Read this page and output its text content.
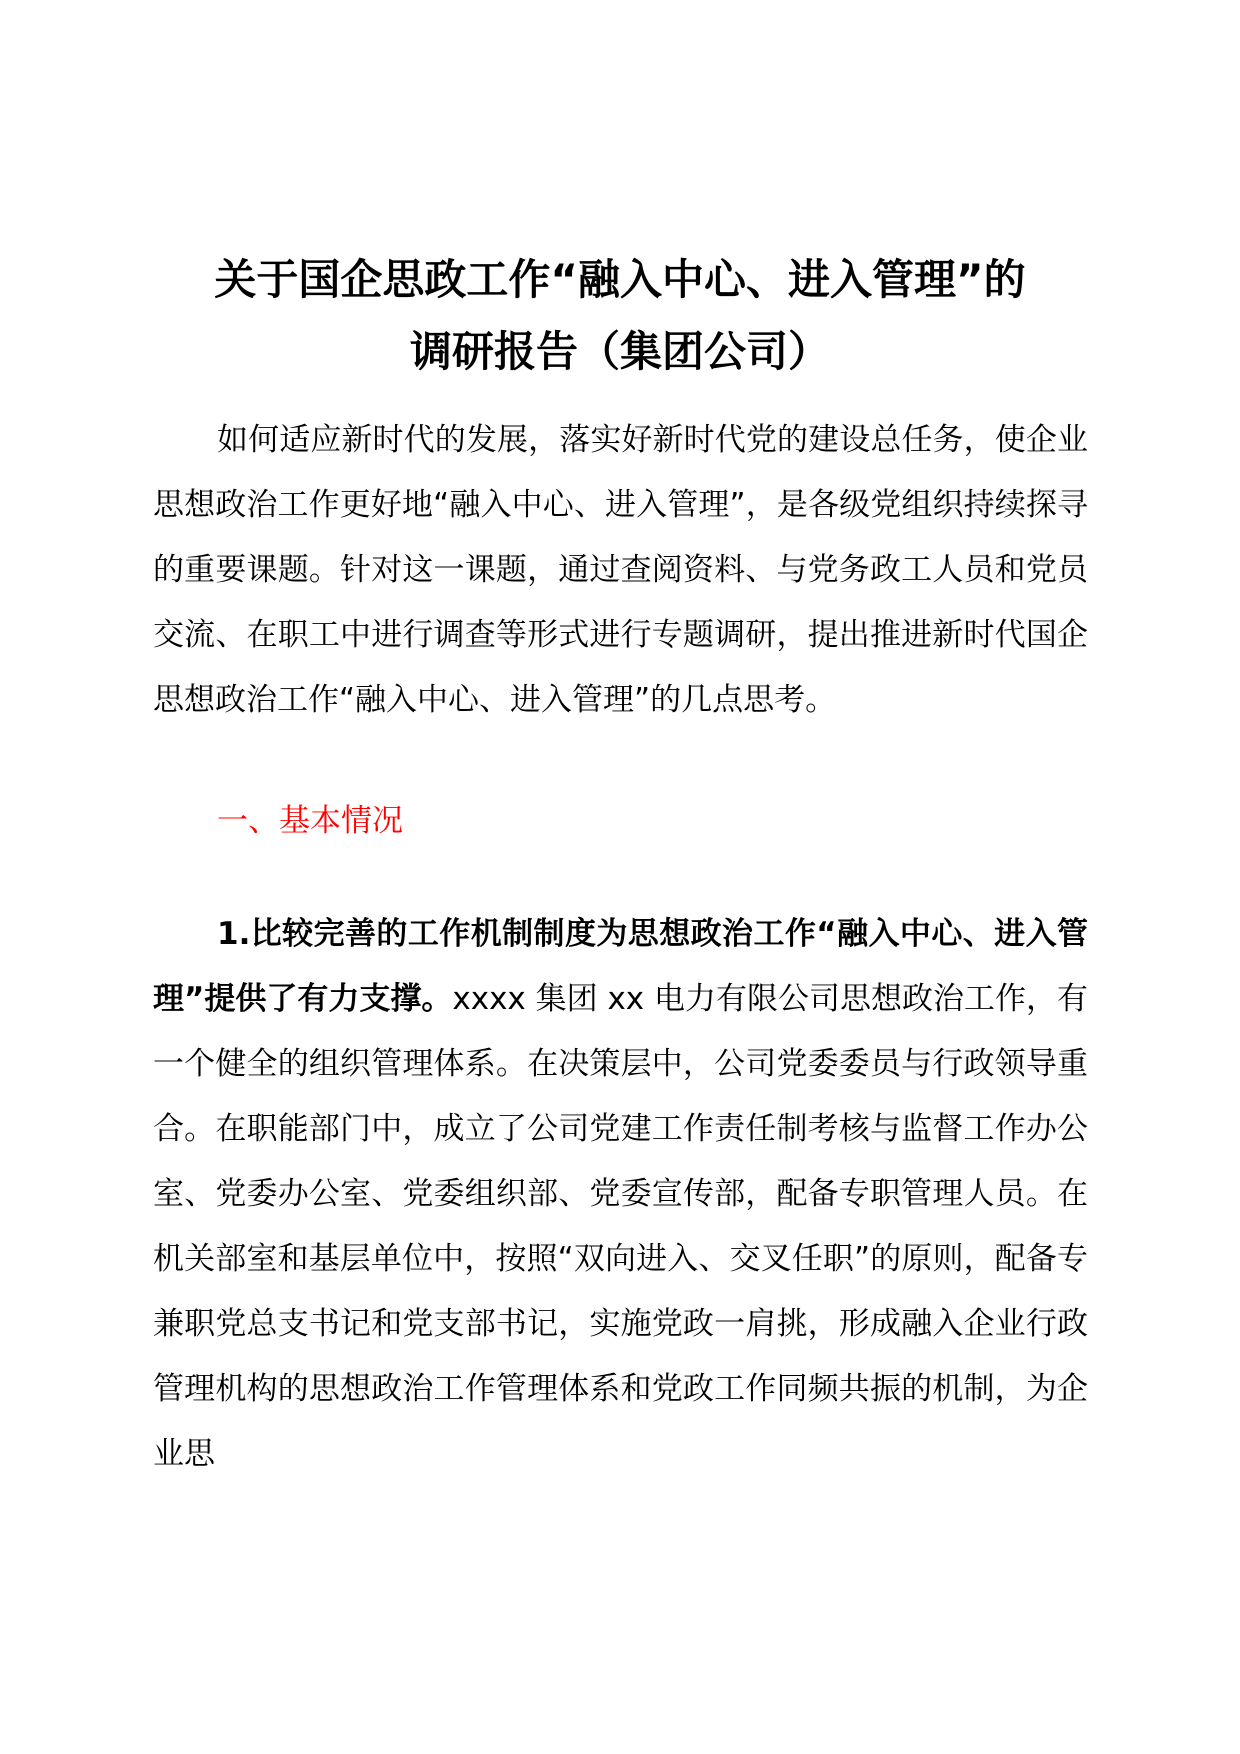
关于国企思政工作“融入中心、进入管理”的
调研报告（集团公司）

如何适应新时代的发展，落实好新时代党的建设总任务，使企业思想政治工作更好地“融入中心、进入管理”，是各级党组织持续探寻的重要课题。针对这一课题，通过查阅资料、与党务政工人员和党员交流、在职工中进行调查等形式进行专题调研，提出推进新时代国企思想政治工作“融入中心、进入管理”的几点思考。

一、基本情况

1.比较完善的工作机制制度为思想政治工作“融入中心、进入管理”提供了有力支撑。xxxx 集团 xx 电力有限公司思想政治工作，有一个健全的组织管理体系。在决策层中，公司党委委员与行政领导重合。在职能部门中，成立了公司党建工作责任制考核与监督工作办公室、党委办公室、党委组织部、党委宣传部，配备专职管理人员。在机关部室和基层单位中，按照“双向进入、交叉任职”的原则，配备专兼职党总支书记和党支部书记，实施党政一肩挑，形成融入企业行政管理机构的思想政治工作管理体系和党政工作同频共振的机制，为企业思
